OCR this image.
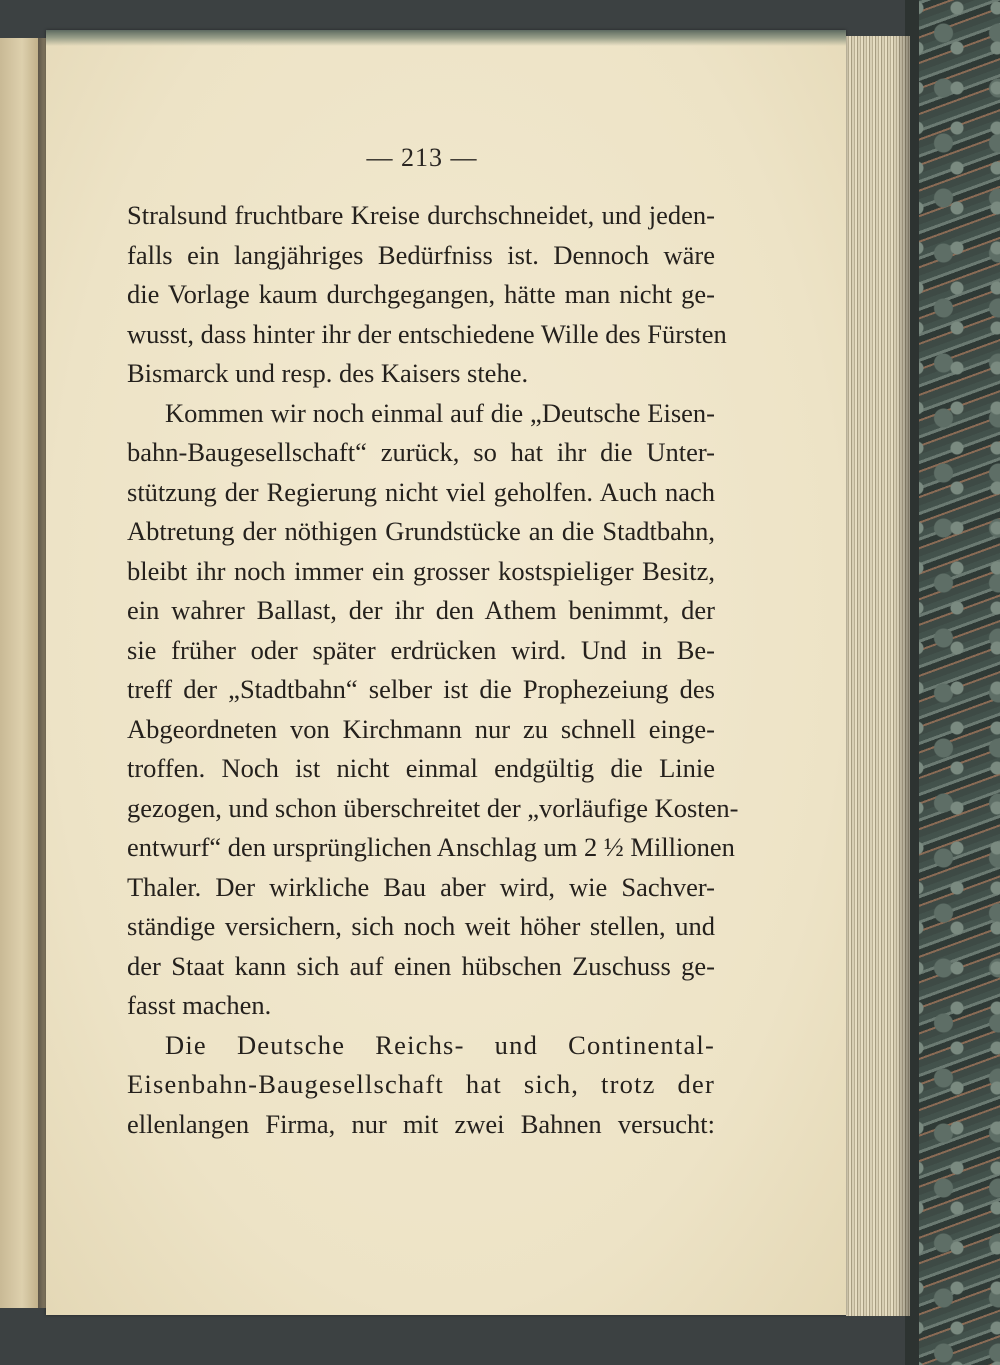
— 213 —
Stralsund fruchtbare Kreise durchschneidet, und jeden-
falls ein langjähriges Bedürfniss ist. Dennoch wäre
die Vorlage kaum durchgegangen, hätte man nicht ge-
wusst, dass hinter ihr der entschiedene Wille des Fürsten
Bismarck und resp. des Kaisers stehe.
Kommen wir noch einmal auf die „Deutsche Eisen-
bahn-Baugesellschaft“ zurück, so hat ihr die Unter-
stützung der Regierung nicht viel geholfen. Auch nach
Abtretung der nöthigen Grundstücke an die Stadtbahn,
bleibt ihr noch immer ein grosser kostspieliger Besitz,
ein wahrer Ballast, der ihr den Athem benimmt, der
sie früher oder später erdrücken wird. Und in Be-
treff der „Stadtbahn“ selber ist die Prophezeiung des
Abgeordneten von Kirchmann nur zu schnell einge-
troffen. Noch ist nicht einmal endgültig die Linie
gezogen, und schon überschreitet der „vorläufige Kosten-
entwurf“ den ursprünglichen Anschlag um 2 ½ Millionen
Thaler. Der wirkliche Bau aber wird, wie Sachver-
ständige versichern, sich noch weit höher stellen, und
der Staat kann sich auf einen hübschen Zuschuss ge-
fasst machen.
Die Deutsche Reichs- und Continental-
Eisenbahn-Baugesellschaft hat sich, trotz der
ellenlangen Firma, nur mit zwei Bahnen versucht:
